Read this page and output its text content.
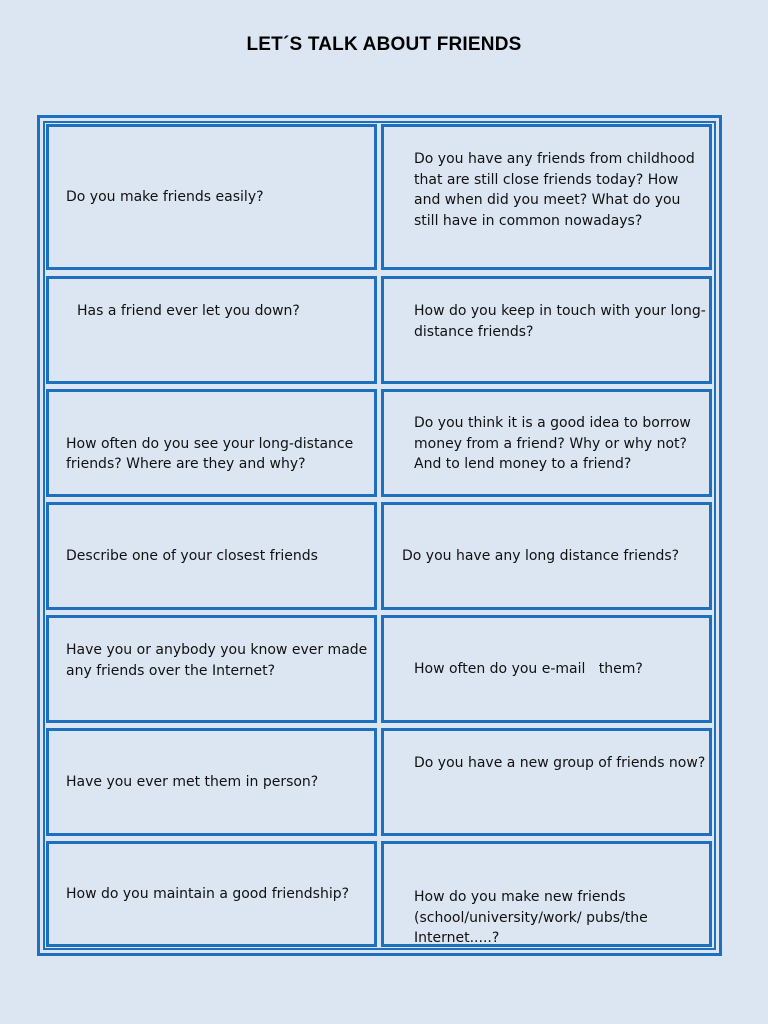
LET´S TALK ABOUT FRIENDS
Do you make friends easily?
Do you have any friends from childhood that are still close friends today? How and when did you meet? What do you still have in common nowadays?
Has a friend ever let you down?	How do you keep in touch with your long-distance friends?
How often do you see your long-distance friends? Where are they and why?
Do you think it is a good idea to borrow money from a friend? Why or why not? And to lend money to a friend?
Describe one of your closest friends	Do you have any long distance friends?
Have you or anybody you know ever made any friends over the Internet?	How often do you e-mail   them?
Have you ever met them in person?
Do you have a new group of friends now?
How do you maintain a good friendship?	How do you make new friends (school/university/work/ pubs/the Internet.....?
